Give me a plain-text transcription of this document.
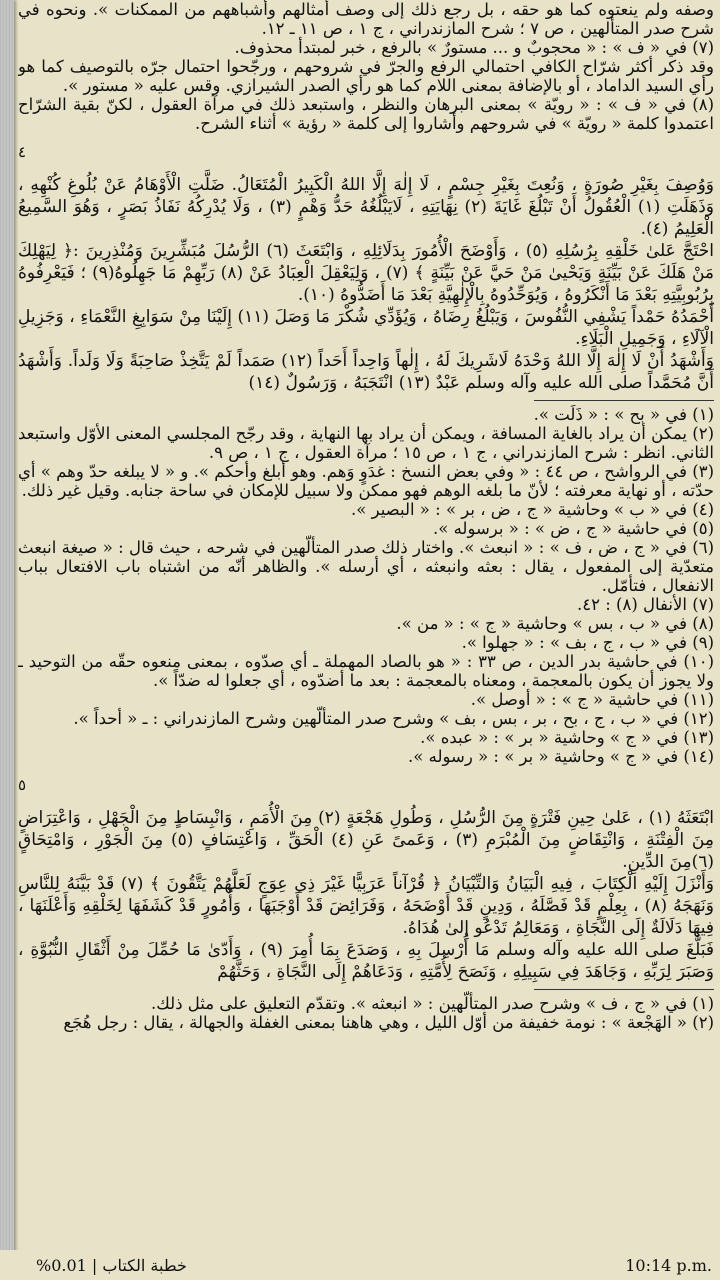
وصفه ولم ينعتوه كما هو حقه ، بل رجع ذلك إلى وصف أمثالهم وأشباههم من الممكنات ». ونحوه في شرح صدر المتألهين ، ص ٧ ؛ شرح المازندراني ، ج ١ ، ص ١١ ـ ١٢.

(٧) في « ف » : « محجوبٌ و ... مستورٌ » بالرفع ، خبر لمبتدأ محذوف.

وقد ذكر أكثر شرّاح الكافي احتمالي الرفع والجرّ في شروحهم ، ورجّحوا احتمال جرّه بالتوصيف كما هو رأي السيد الداماد ، أو بالإضافة بمعنى اللام كما هو رأي الصدر الشيرازي. وقس عليه « مستور ».

(٨) في « ف » : « رويّة » بمعنى البرهان والنظر ، واستبعد ذلك في مرآة العقول ، لكنّ بقية الشرّاح اعتمدوا كلمة « رويّة » في شروحهم وأشاروا إلى كلمة « رؤية » أثناء الشرح.

٤

وَوُصِفَ بِغَيْرِ صُورَةٍ ، وَنُعِتَ بِغَيْرِ جِسْمٍ ، لَا إِلٰهَ إِلَّا اللهُ الْكَبِيرُ الْمُتَعَالُ. ضَلَّتِ الْأَوْهَامُ عَنْ بُلُوغِ كُنْهِهِ ، وَذَهَلَتِ (١) الْعُقُولُ أَنْ تَبْلُغَ غَايَةَ (٢) نِهَايَتِهِ ، لَايَبْلُغُهُ حَدُّ وَهْمٍ (٣) ، وَلَا يُدْرِكُهُ نَفَاذُ بَصَرٍ ، وَهُوَ السَّمِيعُ الْعَلِيمُ (٤).

احْتَجَّ عَلىٰ خَلْقِهِ بِرُسُلِهِ (٥) ، وَأَوْضَحَ الْأُمُورَ بِدَلَائِلِهِ ، وَابْتَعَثَ (٦) الرُّسُلَ مُبَشِّرِينَ وَمُنْذِرِينَ :﴿ لِيَهْلِكَ مَنْ هَلَكَ عَنْ بَيِّنَةٍ وَيَحْيىٰ مَنْ حَيَّ عَنْ بَيِّنَةٍ ﴾ (٧) ، وَلِيَعْقِلَ الْعِبَادُ عَنْ (٨) رَبِّهِمْ مَا جَهِلُوهُ(٩) ؛ فَيَعْرِفُوهُ بِرُبُوبِيَّتِهِ بَعْدَ مَا أَنْكَرُوهُ ، وَيُوَحِّدُوهُ بِالْإِلٰهِيَّةِ بَعْدَ مَا أَضَدُّوهُ (١٠).

أَحْمَدُهُ حَمْداً يَشْفِي النُّفُوسَ ، وَيَبْلُغُ رِضَاهُ ، وَيُؤَدِّي شُكْرَ مَا وَصَلَ (١١) إِلَيْنَا مِنْ سَوَابِغِ النَّعْمَاءِ ، وَجَزِيلِ الْآلَاءِ ، وَجَمِيلِ الْبَلَاءِ.

وَأَشْهَدُ أَنْ لَا إِلٰهَ إِلَّا اللهُ وَحْدَهُ لَاشَرِيكَ لَهُ ، إِلٰهاً وَاحِداً أَحَداً (١٢) صَمَداً لَمْ يَتَّخِذْ صَاحِبَةً وَلَا وَلَداً. وَأَشْهَدُ أَنَّ مُحَمَّداً صلى الله عليه وآله وسلم عَبْدٌ (١٣) انْتَجَبَهُ ، وَرَسُولٌ (١٤)

(١) في « بح » : « ذَلَت ».

(٢) يمكن أن يراد بالغاية المسافة ، ويمكن أن يراد بها النهاية ، وقد رجّح المجلسي المعنى الأوّل واستبعد الثاني. انظر : شرح المازندراني ، ج ١ ، ص ١٥ ؛ مرآة العقول ، ج ١ ، ص ٩.

(٣) في الرواشح ، ص ٤٤ : « وفي بعض النسخ : غدَوٍ وَهم. وهو أبلغ وأحكم ». و « لا يبلغه حدّ وهم » أي حدّته ، أو نهاية معرفته ؛ لأنّ ما بلغه الوهم فهو ممكن ولا سبيل للإمكان في ساحة جنابه. وقيل غير ذلك.

(٤) في « ب » وحاشية « ج ، ض ، بر » : « البصير ».

(٥) في حاشية « ج ، ض » : « برسوله ».

(٦) في « ج ، ض ، ف » : « انبعث ». واختار ذلك صدر المتألّهين في شرحه ، حيث قال : « صيغة انبعث متعدّية إلى المفعول ، يقال : بعثه وانبعثه ، أي أرسله ». والظاهر أنّه من اشتباه باب الافتعال بباب الانفعال ، فتأمّل.

(٧) الأنفال (٨) : ٤٢.

(٨) في « ب ، بس » وحاشية « ج » : « من ».

(٩) في « ب ، ج ، بف » : « جهلوا ».

(١٠) في حاشية بدر الدين ، ص ٣٣ : « هو بالصاد المهملة ـ أي صدّوه ، بمعنى منعوه حقّه من التوحيد ـ ولا يجوز أن يكون بالمعجمة ، ومعناه بالمعجمة : بعد ما أضدّوه ، أي جعلوا له ضدّاً ».

(١١) في حاشية « ج » : « أوصل ».

(١٢) في « ب ، ج ، بح ، بر ، بس ، بف » وشرح صدر المتألّهين وشرح المازندراني : ـ « أحداً ».

(١٣) في « ج » وحاشية « بر » : « عبده ».

(١٤) في « ج » وحاشية « بر » : « رسوله ».

٥

ابْتَعَثَهُ (١) ، عَلىٰ حِينِ فَتْرَةٍ مِنَ الرُّسُلِ ، وَطُولِ هَجْعَةٍ (٢) مِنَ الْأُمَمِ ، وَانْبِسَاطٍ مِنَ الْجَهْلِ ، وَاعْتِرَاضٍ مِنَ الْفِتْنَةِ ، وَانْتِقَاضٍ مِنَ الْمُبْرَمِ (٣) ، وَعَمىً عَنِ (٤) الْحَقِّ ، وَاعْتِسَافٍ (٥) مِنَ الْجَوْرِ ، وَامْتِحَاقٍ (٦)مِنَ الدِّينِ.

وَأَنْزَلَ إِلَيْهِ الْكِتَابَ ، فِيهِ الْبَيَانُ وَالتِّبْيَانُ ﴿ قُرْآناً عَرَبِيًّا غَيْرَ ذِي عِوَجٍ لَعَلَّهُمْ يَتَّقُونَ ﴾ (٧) قَدْ بَيَّنَهُ لِلنَّاسِ وَنَهَجَهُ (٨) ، بِعِلْمٍ قَدْ فَصَّلَهُ ، وَدِينٍ قَدْ أَوْضَحَهُ ، وَفَرَائِضَ قَدْ أَوْجَبَهَا ، وَأُمُورٍ قَدْ كَشَفَهَا لِخَلْقِهِ وَأَعْلَنَهَا ، فِيهَا دَلَالَةٌ إِلَى النَّجَاةِ ، وَمَعَالِمُ تَدْعُو إِلىٰ هُدَاهُ.

فَبَلَّغَ صلى الله عليه وآله وسلم مَا أُرْسِلَ بِهِ ، وَصَدَعَ بِمَا أُمِرَ (٩) ، وَأَدّىٰ مَا حُمِّلَ مِنْ أَثْقَالِ النُّبُوَّةِ ، وَصَبَرَ لِرَبِّهِ ، وَجَاهَدَ فِي سَبِيلِهِ ، وَنَصَحَ لِأُمَّتِهِ ، وَدَعَاهُمْ إِلَى النَّجَاةِ ، وَحَثَّهُمْ

(١) في « ج ، ف » وشرح صدر المتألّهين : « انبعثه ». وتقدّم التعليق على مثل ذلك.

(٢) « الهَجْعة » : نومة خفيفة من أوّل الليل ، وهي هاهنا بمعنى الغفلة والجهالة ، يقال : رجل هُجَع

%0.01 | خطبة الكتاب	10:14 p.m.
